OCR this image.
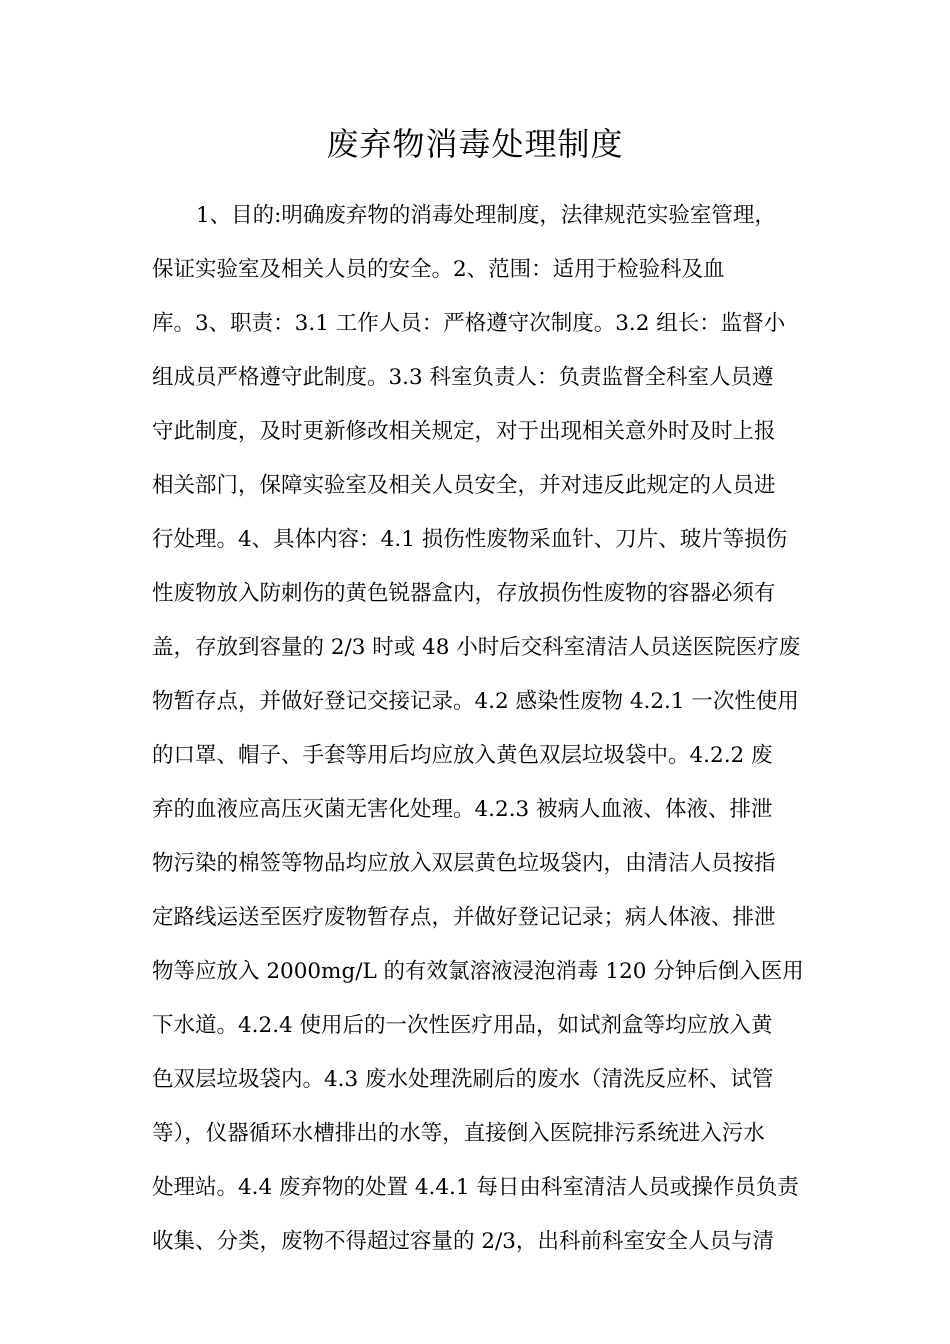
废弃物消毒处理制度
1、目的:明确废弃物的消毒处理制度，法律规范实验室管理，
保证实验室及相关人员的安全。2、范围：适用于检验科及血
库。3、职责：3.1 工作人员：严格遵守次制度。3.2 组长：监督小
组成员严格遵守此制度。3.3 科室负责人：负责监督全科室人员遵
守此制度，及时更新修改相关规定，对于出现相关意外时及时上报
相关部门，保障实验室及相关人员安全，并对违反此规定的人员进
行处理。4、具体内容：4.1 损伤性废物采血针、刀片、玻片等损伤
性废物放入防刺伤的黄色锐器盒内，存放损伤性废物的容器必须有
盖，存放到容量的 2/3 时或 48 小时后交科室清洁人员送医院医疗废
物暂存点，并做好登记交接记录。4.2 感染性废物 4.2.1 一次性使用
的口罩、帽子、手套等用后均应放入黄色双层垃圾袋中。4.2.2 废
弃的血液应高压灭菌无害化处理。4.2.3 被病人血液、体液、排泄
物污染的棉签等物品均应放入双层黄色垃圾袋内，由清洁人员按指
定路线运送至医疗废物暂存点，并做好登记记录；病人体液、排泄
物等应放入 2000mg/L 的有效氯溶液浸泡消毒 120 分钟后倒入医用
下水道。4.2.4 使用后的一次性医疗用品，如试剂盒等均应放入黄
色双层垃圾袋内。4.3 废水处理洗刷后的废水（清洗反应杯、试管
等），仪器循环水槽排出的水等，直接倒入医院排污系统进入污水
处理站。4.4 废弃物的处置 4.4.1 每日由科室清洁人员或操作员负责
收集、分类，废物不得超过容量的 2/3，出科前科室安全人员与清
